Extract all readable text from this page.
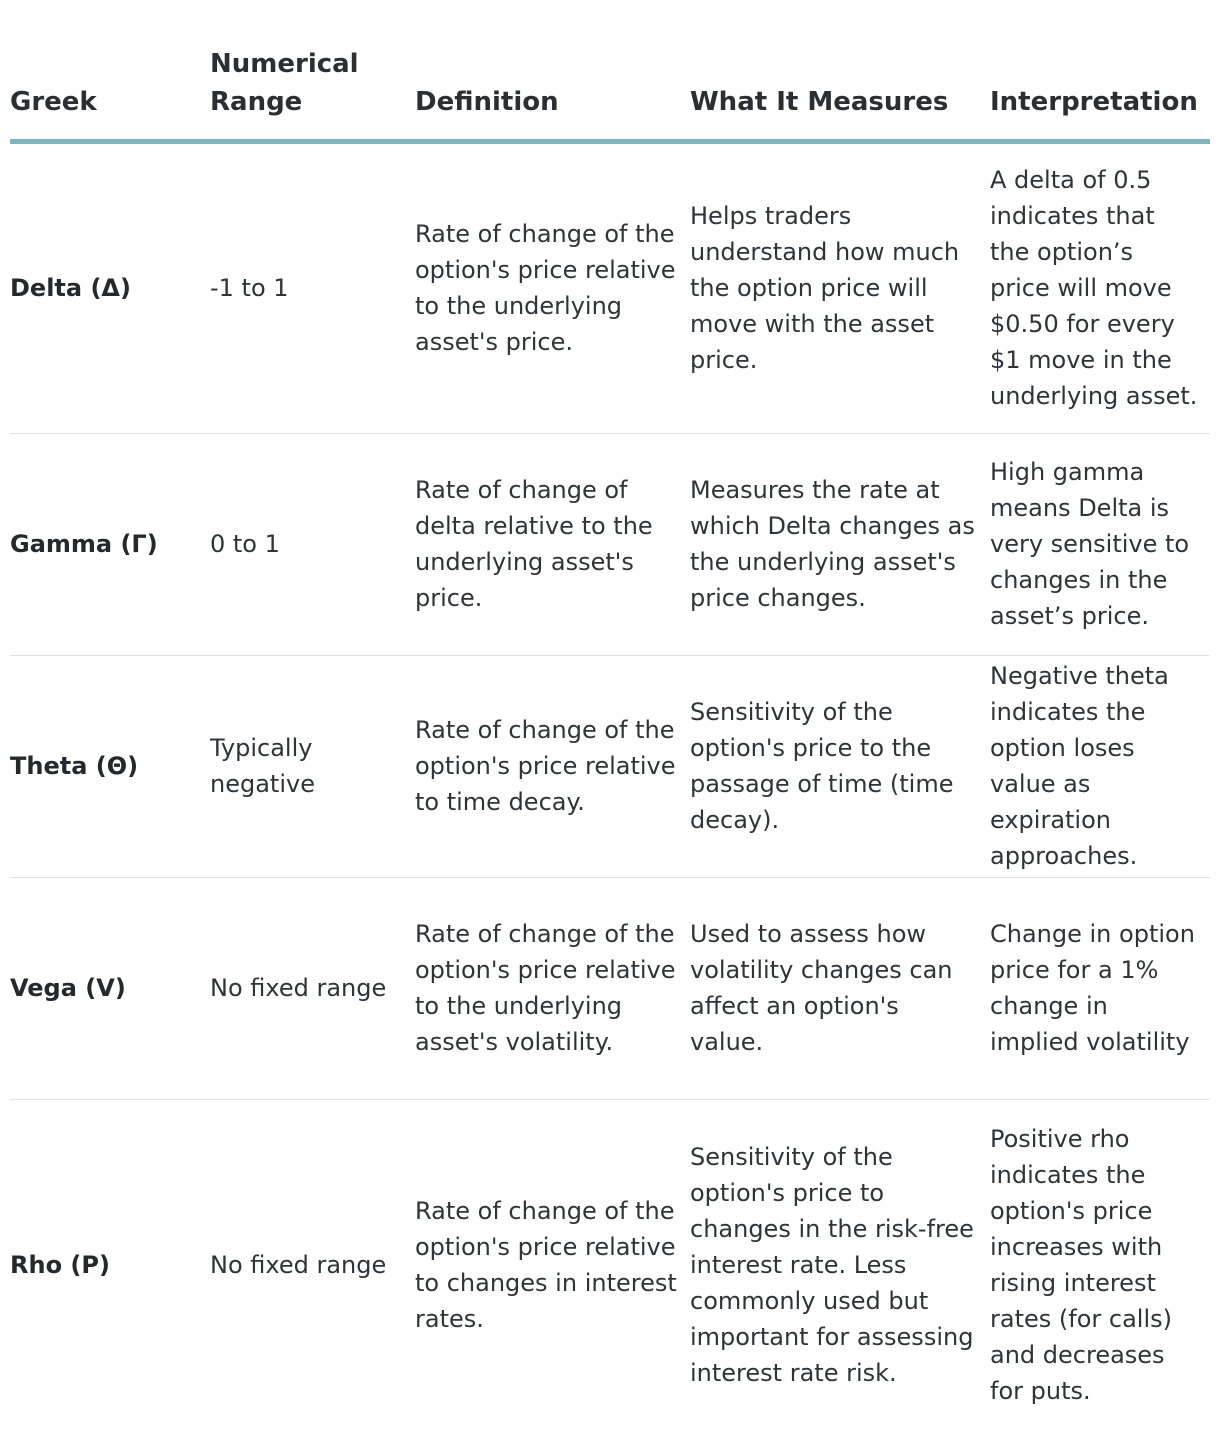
Greek	Numerical Range	Definition	What It Measures	Interpretation
Delta (Δ)	-1 to 1	Rate of change of the option's price relative to the underlying asset's price.	Helps traders understand how much the option price will move with the asset price.	A delta of 0.5 indicates that the option’s price will move $0.50 for every $1 move in the underlying asset.
Gamma (Γ)	0 to 1	Rate of change of delta relative to the underlying asset's price.	Measures the rate at which Delta changes as the underlying asset's price changes.	High gamma means Delta is very sensitive to changes in the asset’s price.
Theta (Θ)	Typically negative	Rate of change of the option's price relative to time decay.	Sensitivity of the option's price to the passage of time (time decay).	Negative theta indicates the option loses value as expiration approaches.
Vega (V)	No fixed range	Rate of change of the option's price relative to the underlying asset's volatility.	Used to assess how volatility changes can affect an option's value.	Change in option price for a 1% change in implied volatility
Rho (Ρ)	No fixed range	Rate of change of the option's price relative to changes in interest rates.	Sensitivity of the option's price to changes in the risk-free interest rate. Less commonly used but important for assessing interest rate risk.	Positive rho indicates the option's price increases with rising interest rates (for calls) and decreases for puts.
